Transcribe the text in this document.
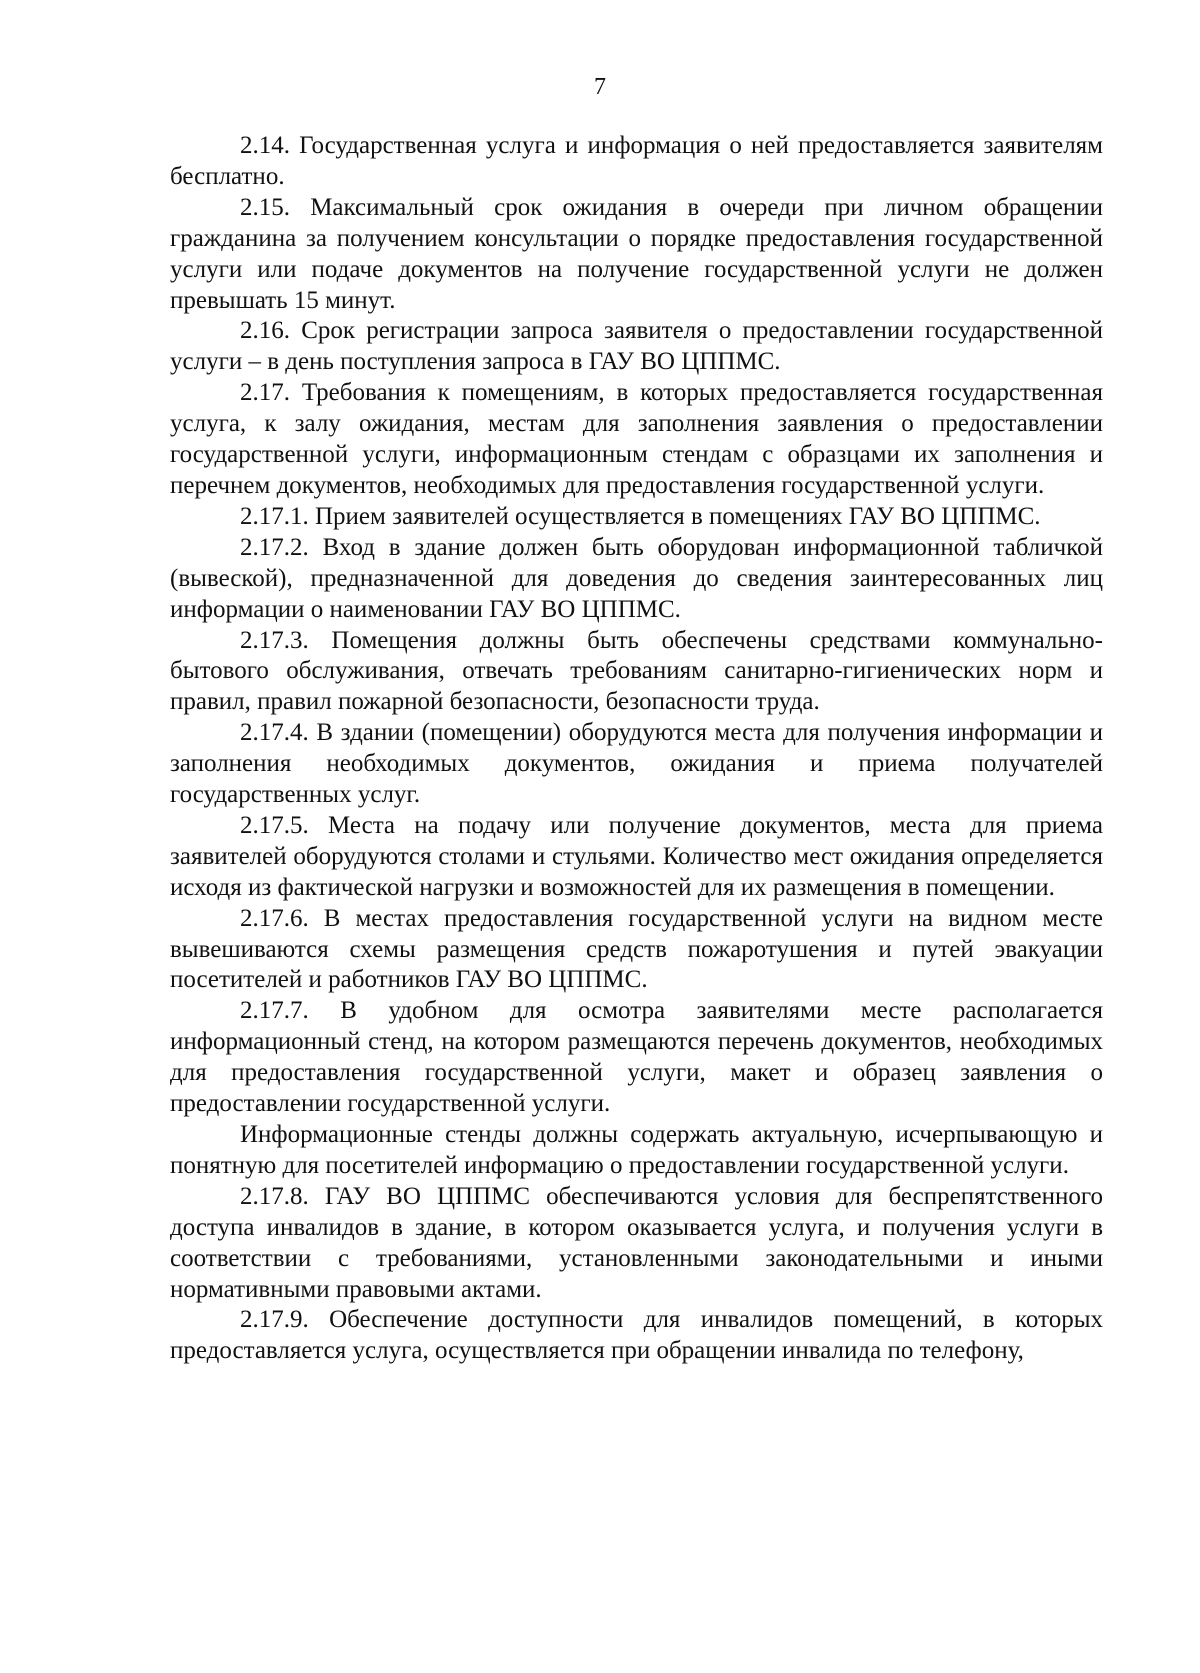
7

2.14. Государственная услуга и информация о ней предоставляется заявителям бесплатно.

2.15. Максимальный срок ожидания в очереди при личном обращении гражданина за получением консультации о порядке предоставления государственной услуги или подаче документов на получение государственной услуги не должен превышать 15 минут.

2.16. Срок регистрации запроса заявителя о предоставлении государственной услуги – в день поступления запроса в ГАУ ВО ЦППМС.

2.17. Требования к помещениям, в которых предоставляется государственная услуга, к залу ожидания, местам для заполнения заявления о предоставлении государственной услуги, информационным стендам с образцами их заполнения и перечнем документов, необходимых для предоставления государственной услуги.

2.17.1. Прием заявителей осуществляется в помещениях ГАУ ВО ЦППМС.

2.17.2. Вход в здание должен быть оборудован информационной табличкой (вывеской), предназначенной для доведения до сведения заинтересованных лиц информации о наименовании ГАУ ВО ЦППМС.

2.17.3. Помещения должны быть обеспечены средствами коммунально-бытового обслуживания, отвечать требованиям санитарно-гигиенических норм и правил, правил пожарной безопасности, безопасности труда.

2.17.4. В здании (помещении) оборудуются места для получения информации и заполнения необходимых документов, ожидания и приема получателей государственных услуг.

2.17.5. Места на подачу или получение документов, места для приема заявителей оборудуются столами и стульями. Количество мест ожидания определяется исходя из фактической нагрузки и возможностей для их размещения в помещении.

2.17.6. В местах предоставления государственной услуги на видном месте вывешиваются схемы размещения средств пожаротушения и путей эвакуации посетителей и работников ГАУ ВО ЦППМС.

2.17.7. В удобном для осмотра заявителями месте располагается информационный стенд, на котором размещаются перечень документов, необходимых для предоставления государственной услуги, макет и образец заявления о предоставлении государственной услуги.

Информационные стенды должны содержать актуальную, исчерпывающую и понятную для посетителей информацию о предоставлении государственной услуги.

2.17.8. ГАУ ВО ЦППМС обеспечиваются условия для беспрепятственного доступа инвалидов в здание, в котором оказывается услуга, и получения услуги в соответствии с требованиями, установленными законодательными и иными нормативными правовыми актами.

2.17.9. Обеспечение доступности для инвалидов помещений, в которых предоставляется услуга, осуществляется при обращении инвалида по телефону,
